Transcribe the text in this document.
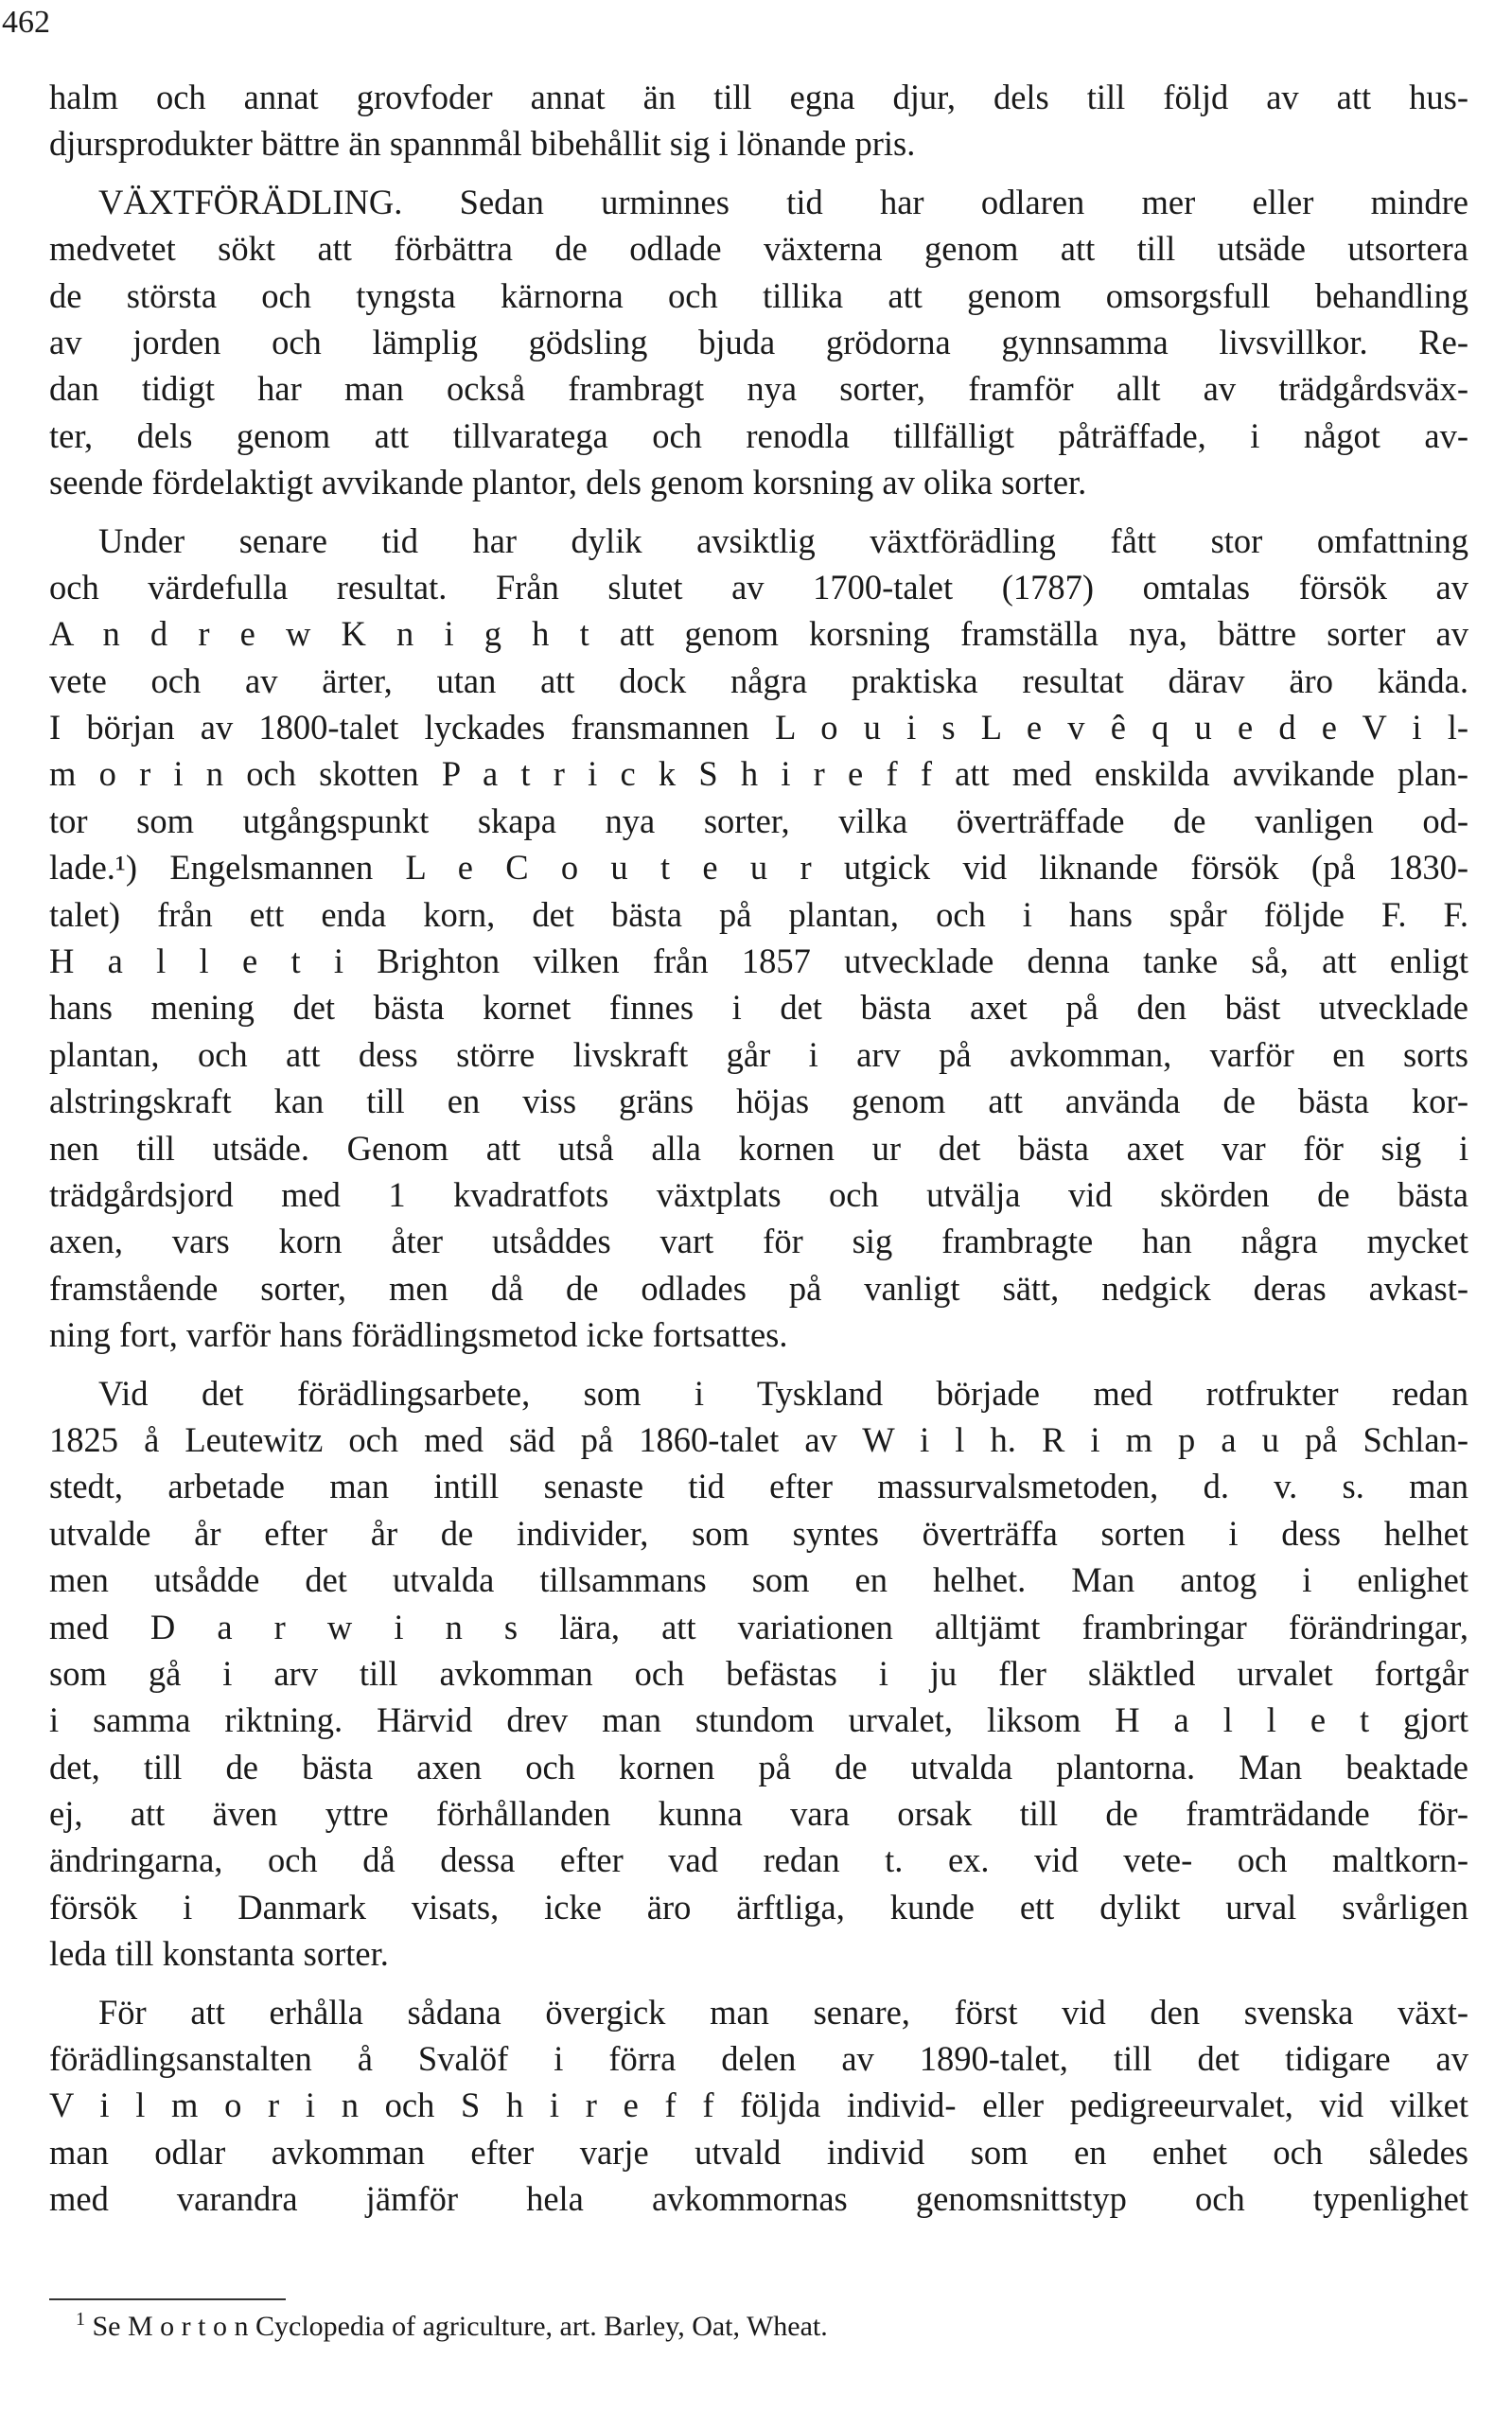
462
halm och annat grovfoder annat än till egna djur, dels till följd av att hus-
djursprodukter bättre än spannmål bibehållit sig i lönande pris.
VÄXTFÖRÄDLING. Sedan urminnes tid har odlaren mer eller mindre
medvetet sökt att förbättra de odlade växterna genom att till utsäde utsortera
de största och tyngsta kärnorna och tillika att genom omsorgsfull behandling
av jorden och lämplig gödsling bjuda grödorna gynnsamma livsvillkor. Re-
dan tidigt har man också frambragt nya sorter, framför allt av trädgårdsväx-
ter, dels genom att tillvaratega och renodla tillfälligt påträffade, i något av-
seende fördelaktigt avvikande plantor, dels genom korsning av olika sorter.
Under senare tid har dylik avsiktlig växtförädling fått stor omfattning
och värdefulla resultat. Från slutet av 1700-talet (1787) omtalas försök av
A n d r e w K n i g h t att genom korsning framställa nya, bättre sorter av
vete och av ärter, utan att dock några praktiska resultat därav äro kända.
I början av 1800-talet lyckades fransmannen L o u i s L e v ê q u e d e V i l-
m o r i n och skotten P a t r i c k S h i r e f f att med enskilda avvikande plan-
tor som utgångspunkt skapa nya sorter, vilka överträffade de vanligen od-
lade.¹) Engelsmannen L e C o u t e u r utgick vid liknande försök (på 1830-
talet) från ett enda korn, det bästa på plantan, och i hans spår följde F. F.
H a l l e t i Brighton vilken från 1857 utvecklade denna tanke så, att enligt
hans mening det bästa kornet finnes i det bästa axet på den bäst utvecklade
plantan, och att dess större livskraft går i arv på avkomman, varför en sorts
alstringskraft kan till en viss gräns höjas genom att använda de bästa kor-
nen till utsäde. Genom att utså alla kornen ur det bästa axet var för sig i
trädgårdsjord med 1 kvadratfots växtplats och utvälja vid skörden de bästa
axen, vars korn åter utsåddes vart för sig frambragte han några mycket
framstående sorter, men då de odlades på vanligt sätt, nedgick deras avkast-
ning fort, varför hans förädlingsmetod icke fortsattes.
Vid det förädlingsarbete, som i Tyskland började med rotfrukter redan
1825 å Leutewitz och med säd på 1860-talet av W i l h. R i m p a u på Schlan-
stedt, arbetade man intill senaste tid efter massurvalsmetoden, d. v. s. man
utvalde år efter år de individer, som syntes överträffa sorten i dess helhet
men utsådde det utvalda tillsammans som en helhet. Man antog i enlighet
med D a r w i n s lära, att variationen alltjämt frambringar förändringar,
som gå i arv till avkomman och befästas i ju fler släktled urvalet fortgår
i samma riktning. Härvid drev man stundom urvalet, liksom H a l l e t gjort
det, till de bästa axen och kornen på de utvalda plantorna. Man beaktade
ej, att även yttre förhållanden kunna vara orsak till de framträdande för-
ändringarna, och då dessa efter vad redan t. ex. vid vete- och maltkorn-
försök i Danmark visats, icke äro ärftliga, kunde ett dylikt urval svårligen
leda till konstanta sorter.
För att erhålla sådana övergick man senare, först vid den svenska växt-
förädlingsanstalten å Svalöf i förra delen av 1890-talet, till det tidigare av
V i l m o r i n och S h i r e f f följda individ- eller pedigreeurvalet, vid vilket
man odlar avkomman efter varje utvald individ som en enhet och således
med varandra jämför hela avkommornas genomsnittstyp och typenlighet
$^1$ Se M o r t o n Cyclopedia of agriculture, art. Barley, Oat, Wheat.
